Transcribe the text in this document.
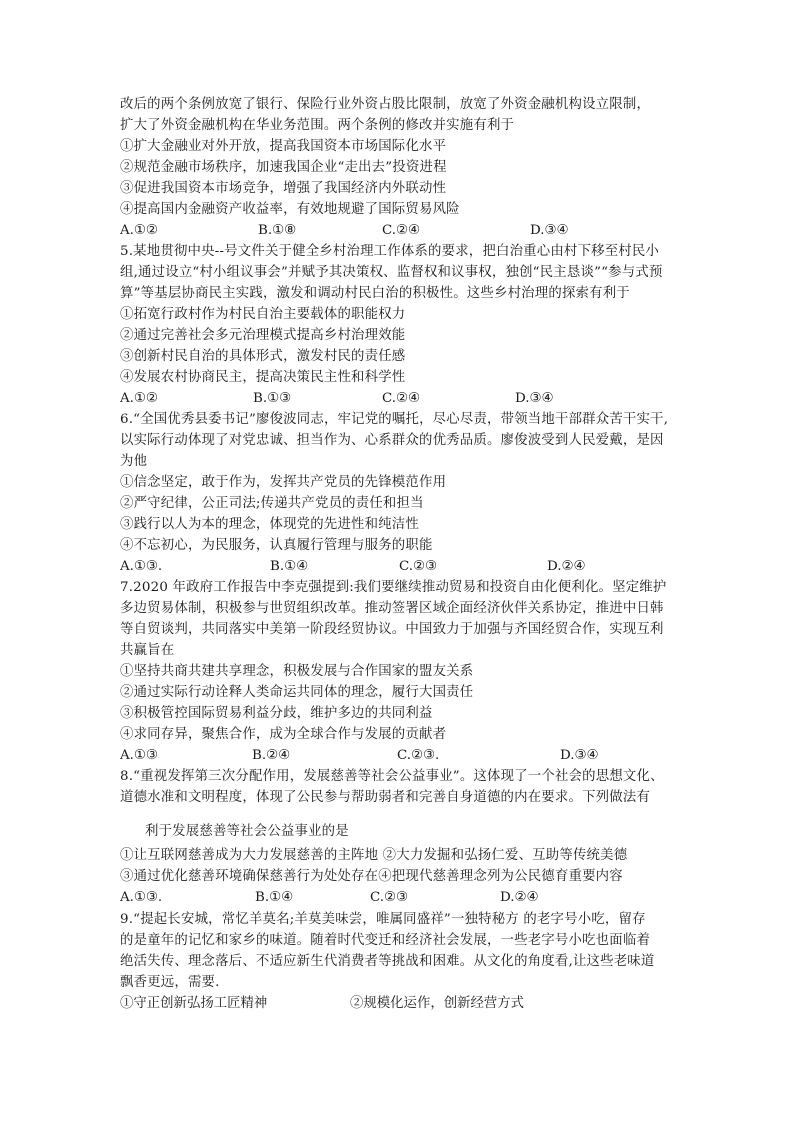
改后的两个条例放宽了银行、保险行业外资占股比限制，放宽了外资金融机构设立限制，
扩大了外资金融机构在华业务范围。两个条例的修改并实施有利于
①扩大金融业对外开放，提高我国资本市场国际化水平
②规范金融市场秩序，加速我国企业“走出去”投资进程
③促进我国资本市场竞争，增强了我国经济内外联动性
④提高国内金融资产收益率，有效地规避了国际贸易风险
A.①②	B.①⑧	C.②④	D.③④
5.某地贯彻中央--号文件关于健全乡村治理工作体系的要求，把白治重心由村下移至村民小
组,通过设立“村小组议事会”并赋予其决策权、监督权和议事权，独创“民主恳谈”“参与式预
算”等基层协商民主实践，激发和调动村民白治的积极性。这些乡村治理的探索有利于
①拓宽行政村作为村民自治主要载体的职能权力
②通过完善社会多元治理模式提高乡村治理效能
③创新村民自治的具体形式，激发村民的责任感
④发展农村协商民主，提高决策民主性和科学性
A.①②	B.①③	C.②④	D.③④
6.“全国优秀县委书记”廖俊波同志，牢记党的嘱托，尽心尽责，带领当地干部群众苦干实干,
以实际行动体现了对党忠诚、担当作为、心系群众的优秀品质。廖俊波受到人民爱戴，是因
为他
①信念坚定，敢于作为，发挥共产党员的先锋模范作用
②严守纪律，公正司法;传递共产党员的责任和担当
③践行以人为本的理念，体现党的先进性和纯洁性
④不忘初心，为民服务，认真履行管理与服务的职能
A.①③.	B.①④	C.②③	D.②④
7.2020 年政府工作报告中李克强提到:我们要继续推动贸易和投资自由化便利化。坚定维护
多边贸易体制，积极参与世贸组织改革。推动签署区域企面经济伙伴关系协定，推进中日韩
等自贸谈判，共同落实中美第一阶段经贸协议。中国致力于加强与齐国经贸合作，实现互利
共赢旨在
①坚持共商共建共享理念，积极发展与合作国家的盟友关系
②通过实际行动诠释人类命运共同体的理念，履行大国责任
③积极管控国际贸易利益分歧，维护多边的共同利益
④求同存异，聚焦合作，成为全球合作与发展的贡献者
A.①③	B.②④	C.②③.	D.③④
8.“重视发挥第三次分配作用，发展慈善等社会公益事业”。这体现了一个社会的思想文化、
道德水准和文明程度，体现了公民参与帮助弱者和完善自身道德的内在要求。下列做法有
利于发展慈善等社会公益事业的是
①让互联网慈善成为大力发展慈善的主阵地 ②大力发掘和弘扬仁爱、互助等传统美德
③通过优化慈善环境确保慈善行为处处存在④把现代慈善理念列为公民德育重要内容
A.①③.	B.①④	C.②③	D.②④
9.“提起长安城，常忆羊莫名;羊莫美味尝，唯属同盛祥”一独特秘方 的老字号小吃，留存
的是童年的记忆和家乡的味道。随着时代变迁和经济社会发展，一些老字号小吃也面临着
绝活失传、理念落后、不适应新生代消费者等挑战和困难。从文化的角度看,让这些老味道
飘香更远，需要.
①守正创新弘扬工匠精神	②规模化运作，创新经营方式
